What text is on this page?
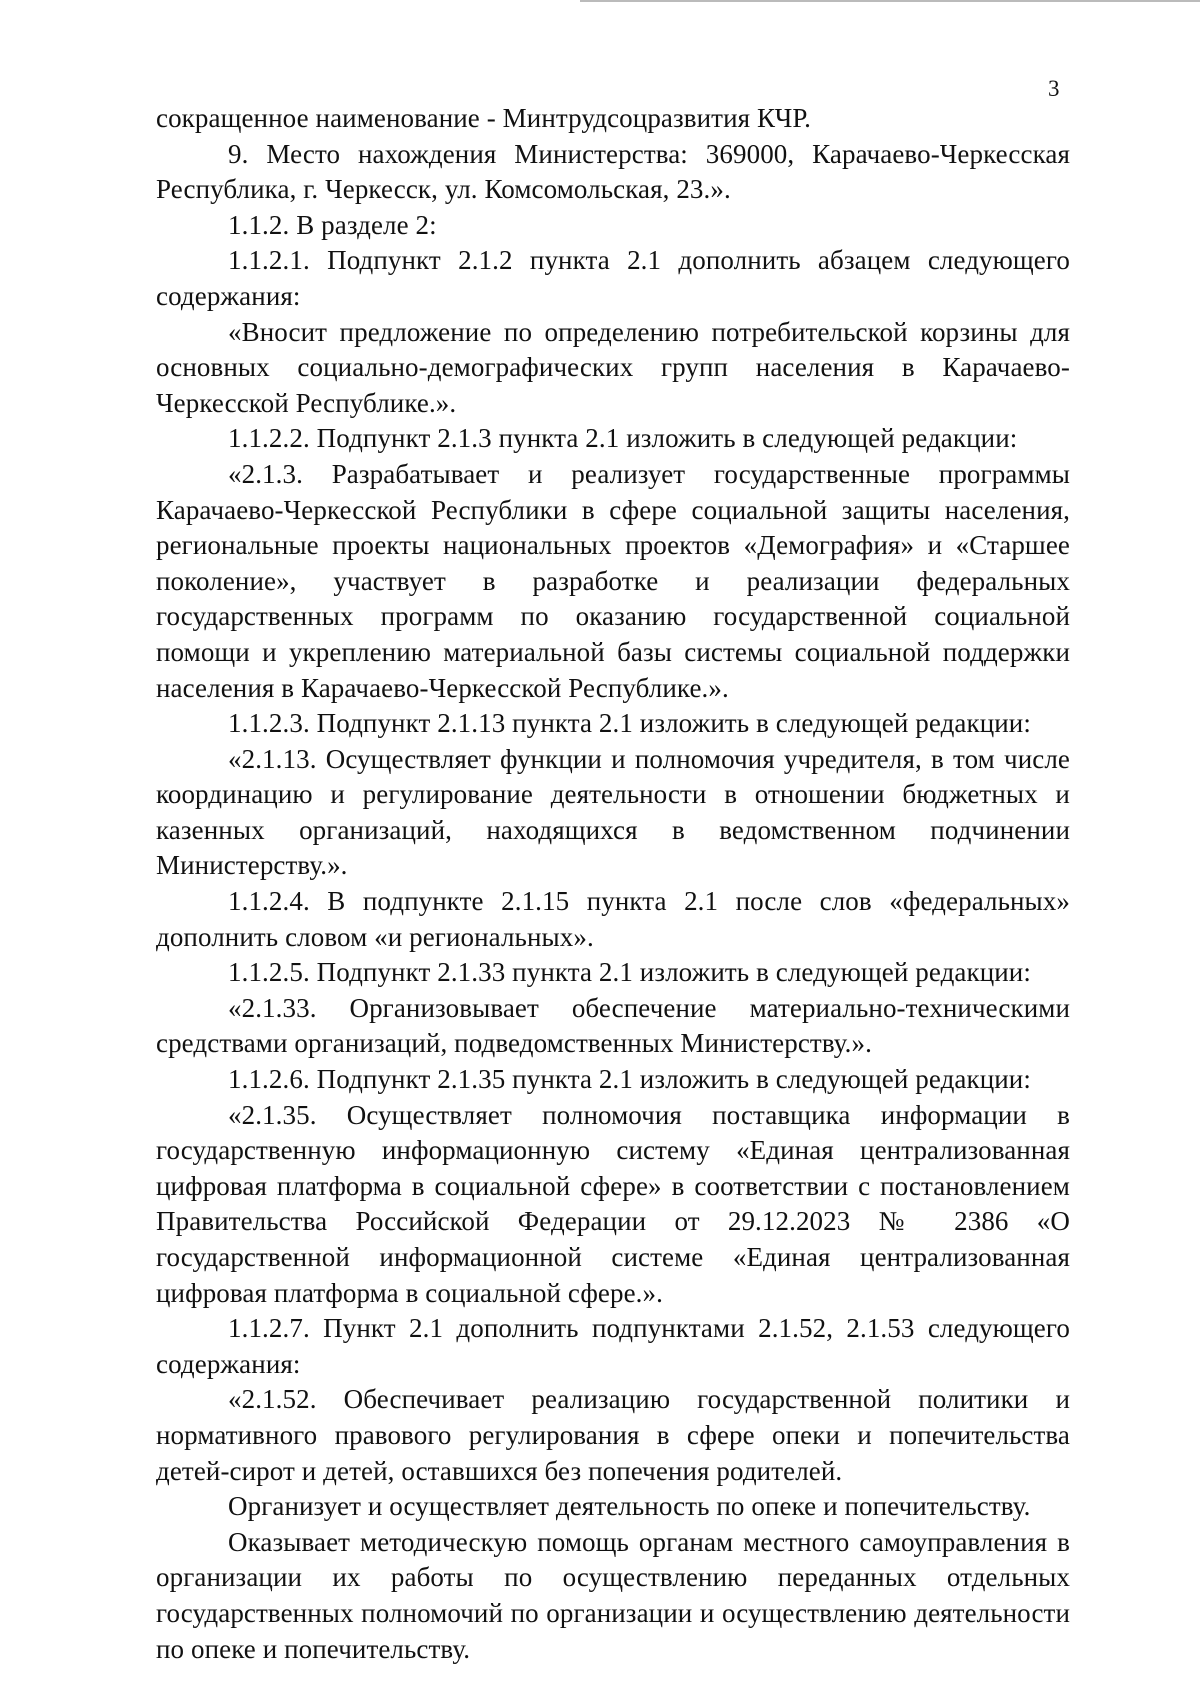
3

сокращенное наименование - Минтрудсоцразвития КЧР.

9. Место нахождения Министерства: 369000, Карачаево-Черкесская Республика, г. Черкесск, ул. Комсомольская, 23.».

1.1.2. В разделе 2:

1.1.2.1. Подпункт 2.1.2 пункта 2.1 дополнить абзацем следующего содержания:

«Вносит предложение по определению потребительской корзины для основных социально-демографических групп населения в Карачаево-Черкесской Республике.».

1.1.2.2. Подпункт 2.1.3 пункта 2.1 изложить в следующей редакции:

«2.1.3. Разрабатывает и реализует государственные программы Карачаево-Черкесской Республики в сфере социальной защиты населения, региональные проекты национальных проектов «Демография» и «Старшее поколение», участвует в разработке и реализации федеральных государственных программ по оказанию государственной социальной помощи и укреплению материальной базы системы социальной поддержки населения в Карачаево-Черкесской Республике.».

1.1.2.3. Подпункт 2.1.13 пункта 2.1 изложить в следующей редакции:

«2.1.13. Осуществляет функции и полномочия учредителя, в том числе координацию и регулирование деятельности в отношении бюджетных и казенных организаций, находящихся в ведомственном подчинении Министерству.».

1.1.2.4. В подпункте 2.1.15 пункта 2.1 после слов «федеральных» дополнить словом «и региональных».

1.1.2.5. Подпункт 2.1.33 пункта 2.1 изложить в следующей редакции:

«2.1.33. Организовывает обеспечение материально-техническими средствами организаций, подведомственных Министерству.».

1.1.2.6. Подпункт 2.1.35 пункта 2.1 изложить в следующей редакции:

«2.1.35. Осуществляет полномочия поставщика информации в государственную информационную систему «Единая централизованная цифровая платформа в социальной сфере» в соответствии с постановлением Правительства Российской Федерации от 29.12.2023 № 2386 «О государственной информационной системе «Единая централизованная цифровая платформа в социальной сфере.».

1.1.2.7. Пункт 2.1 дополнить подпунктами 2.1.52, 2.1.53 следующего содержания:

«2.1.52. Обеспечивает реализацию государственной политики и нормативного правового регулирования в сфере опеки и попечительства детей-сирот и детей, оставшихся без попечения родителей.

Организует и осуществляет деятельность по опеке и попечительству.

Оказывает методическую помощь органам местного самоуправления в организации их работы по осуществлению переданных отдельных государственных полномочий по организации и осуществлению деятельности по опеке и попечительству.
